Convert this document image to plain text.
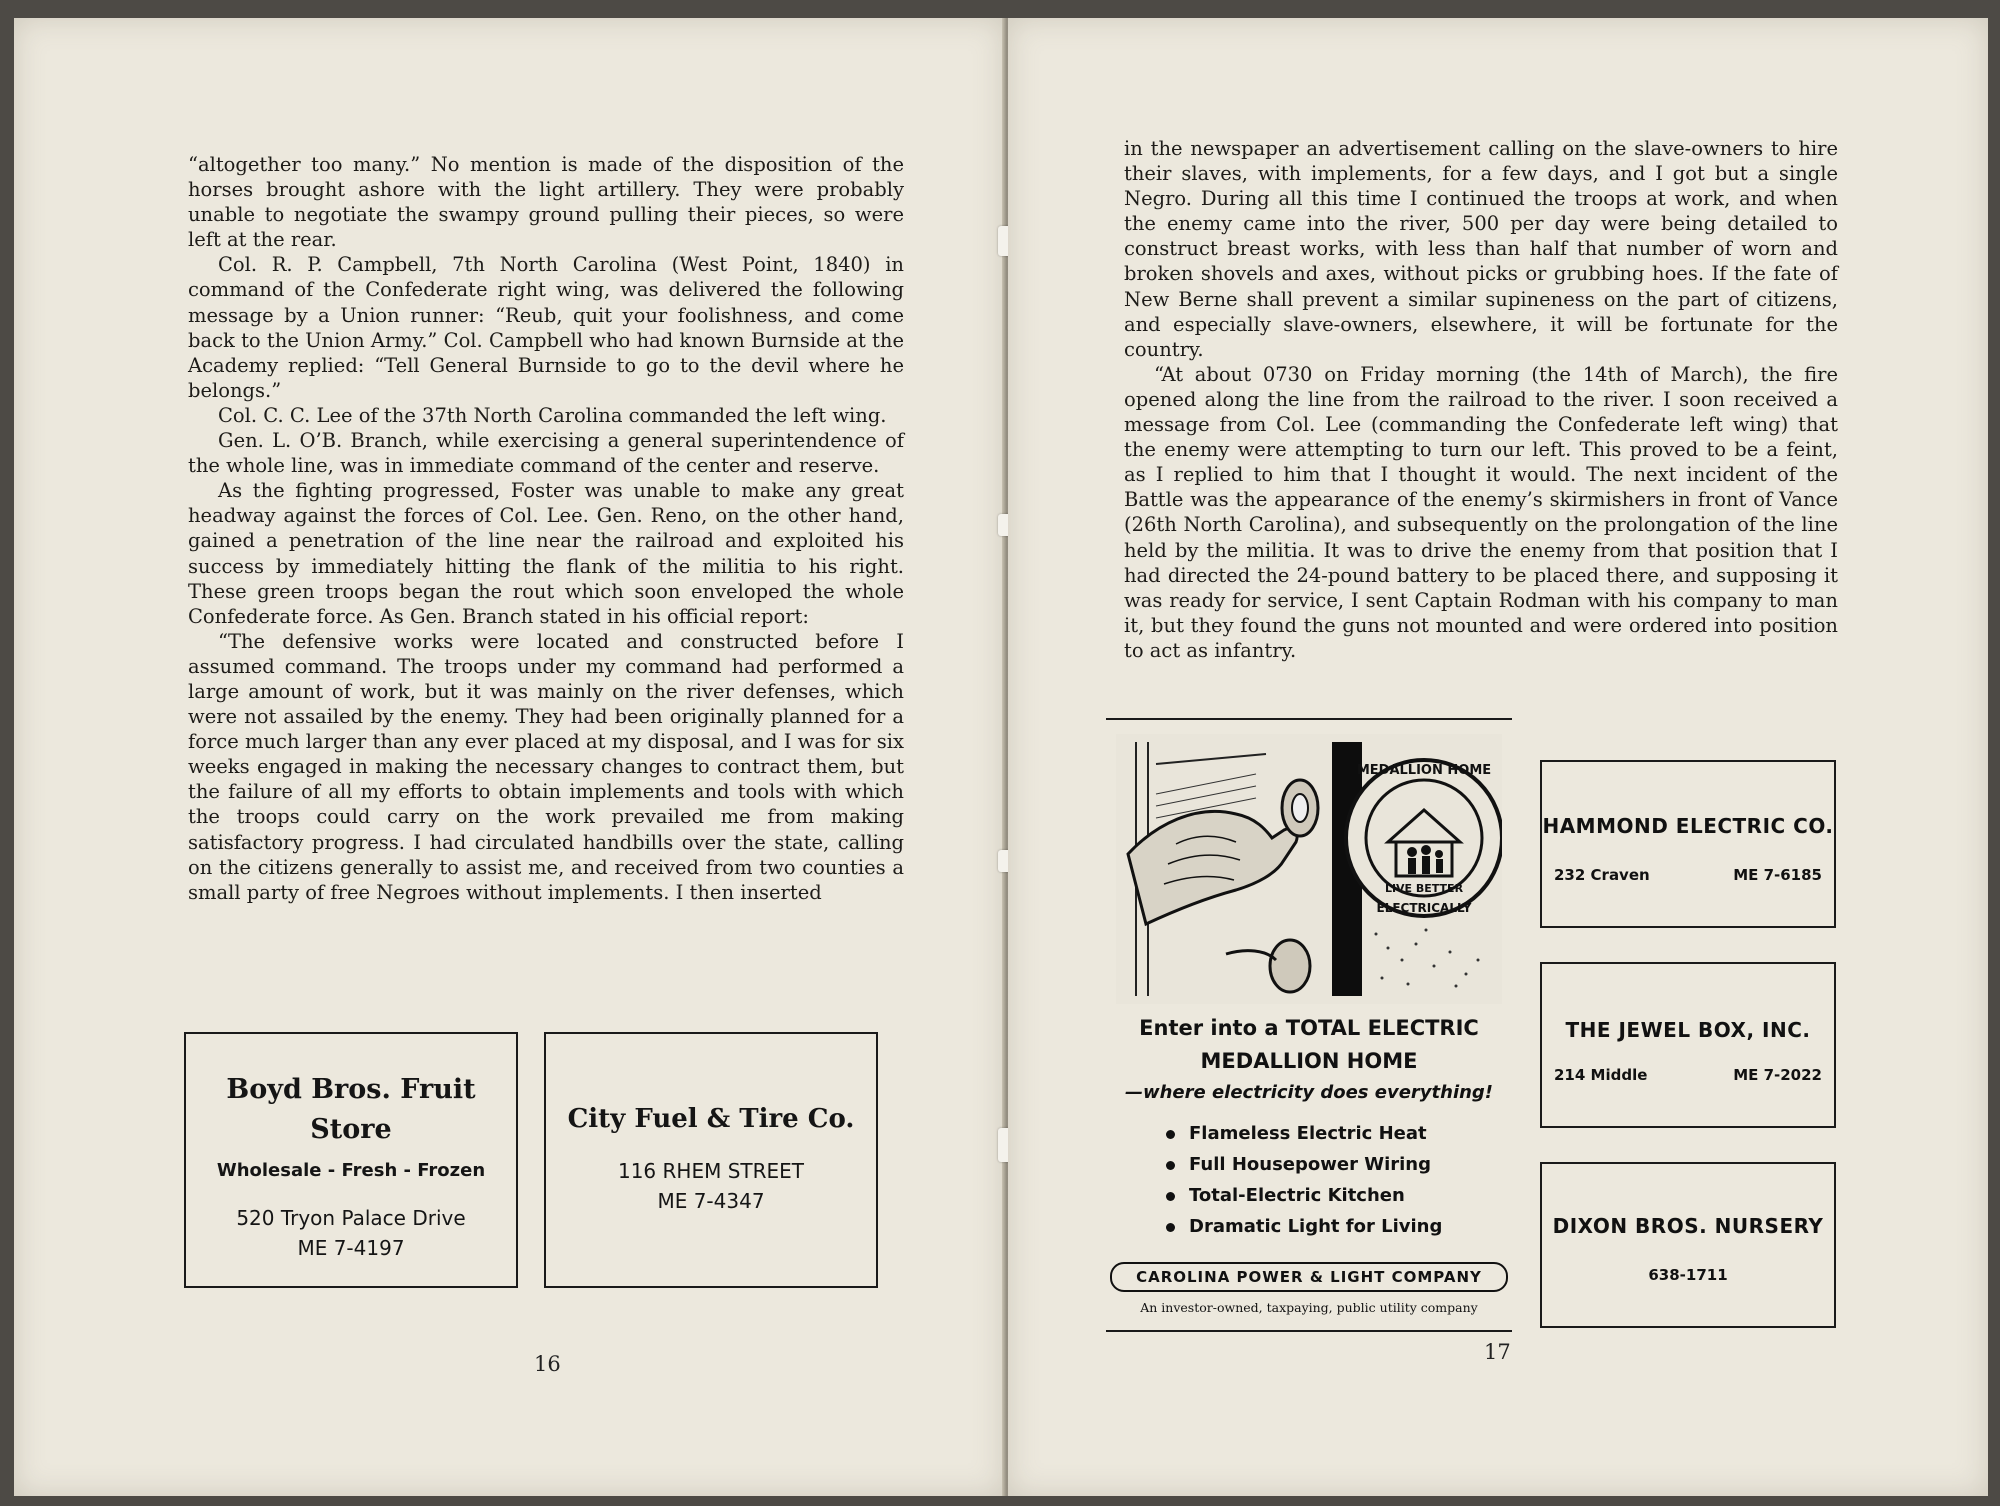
“altogether too many.” No mention is made of the disposition of the horses brought ashore with the light artillery. They were probably unable to negotiate the swampy ground pulling their pieces, so were left at the rear.

Col. R. P. Campbell, 7th North Carolina (West Point, 1840) in command of the Confederate right wing, was delivered the following message by a Union runner: “Reub, quit your foolishness, and come back to the Union Army.” Col. Campbell who had known Burnside at the Academy replied: “Tell General Burnside to go to the devil where he belongs.”

Col. C. C. Lee of the 37th North Carolina commanded the left wing.

Gen. L. O’B. Branch, while exercising a general superintendence of the whole line, was in immediate command of the center and reserve.

As the fighting progressed, Foster was unable to make any great headway against the forces of Col. Lee. Gen. Reno, on the other hand, gained a penetration of the line near the railroad and exploited his success by immediately hitting the flank of the militia to his right. These green troops began the rout which soon enveloped the whole Confederate force. As Gen. Branch stated in his official report:

“The defensive works were located and constructed before I assumed command. The troops under my command had performed a large amount of work, but it was mainly on the river defenses, which were not assailed by the enemy. They had been originally planned for a force much larger than any ever placed at my disposal, and I was for six weeks engaged in making the necessary changes to contract them, but the failure of all my efforts to obtain implements and tools with which the troops could carry on the work prevailed me from making satisfactory progress. I had circulated handbills over the state, calling on the citizens generally to assist me, and received from two counties a small party of free Negroes without implements. I then inserted

Boyd Bros. Fruit
Store
Wholesale - Fresh - Frozen
520 Tryon Palace Drive
ME 7-4197
City Fuel & Tire Co.
116 RHEM STREET
ME 7-4347
16	17

in the newspaper an advertisement calling on the slave-owners to hire their slaves, with implements, for a few days, and I got but a single Negro. During all this time I continued the troops at work, and when the enemy came into the river, 500 per day were being detailed to construct breast works, with less than half that number of worn and broken shovels and axes, without picks or grubbing hoes. If the fate of New Berne shall prevent a similar supineness on the part of citizens, and especially slave-owners, elsewhere, it will be fortunate for the country.

“At about 0730 on Friday morning (the 14th of March), the fire opened along the line from the railroad to the river. I soon received a message from Col. Lee (commanding the Confederate left wing) that the enemy were attempting to turn our left. This proved to be a feint, as I replied to him that I thought it would. The next incident of the Battle was the appearance of the enemy’s skirmishers in front of Vance (26th North Carolina), and subsequently on the prolongation of the line held by the militia. It was to drive the enemy from that position that I had directed the 24-pound battery to be placed there, and supposing it was ready for service, I sent Captain Rodman with his company to man it, but they found the guns not mounted and were ordered into position to act as infantry.

MEDALLION HOME
LIVE BETTER
ELECTRICALLY
Enter into a TOTAL ELECTRIC
MEDALLION HOME
—where electricity does everything!
Flameless Electric Heat
Full Housepower Wiring
Total-Electric Kitchen
Dramatic Light for Living
CAROLINA POWER & LIGHT COMPANY
An investor-owned, taxpaying, public utility company
HAMMOND ELECTRIC CO.
232 Craven	ME 7-6185
THE JEWEL BOX, INC.
214 Middle	ME 7-2022
DIXON BROS. NURSERY
638-1711
